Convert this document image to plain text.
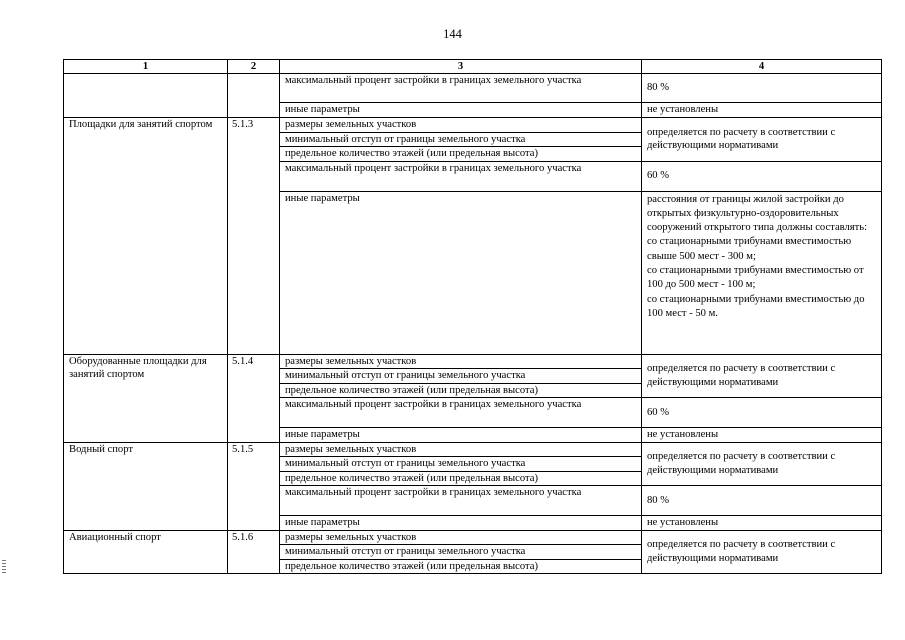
144
1	2	3	4
		максимальный процент застройки в границах земельного участка	80 %
		иные параметры	не установлены
Площадки для занятий спортом	5.1.3	размеры земельных участков	определяется по расчету в соответствии с действующими нормативами
		минимальный отступ от границы земельного участка	
		предельное количество этажей (или предельная высота)	
		максимальный процент застройки в границах земельного участка	60 %
		иные параметры	расстояния от границы жилой застройки до открытых физкультурно-оздоровительных сооружений открытого типа должны составлять:
со стационарными трибунами вместимостью свыше 500 мест - 300 м;
со стационарными трибунами вместимостью от 100 до 500 мест - 100 м;
со стационарными трибунами вместимостью до 100 мест - 50 м.
Оборудованные площадки для занятий спортом	5.1.4	размеры земельных участков	определяется по расчету в соответствии с действующими нормативами
		минимальный отступ от границы земельного участка	
		предельное количество этажей (или предельная высота)	
		максимальный процент застройки в границах земельного участка	60 %
		иные параметры	не установлены
Водный спорт	5.1.5	размеры земельных участков	определяется по расчету в соответствии с действующими нормативами
		минимальный отступ от границы земельного участка	
		предельное количество этажей (или предельная высота)	
		максимальный процент застройки в границах земельного участка	80 %
		иные параметры	не установлены
Авиационный спорт	5.1.6	размеры земельных участков	определяется по расчету в соответствии с действующими нормативами
		минимальный отступ от границы земельного участка	
		предельное количество этажей (или предельная высота)	
